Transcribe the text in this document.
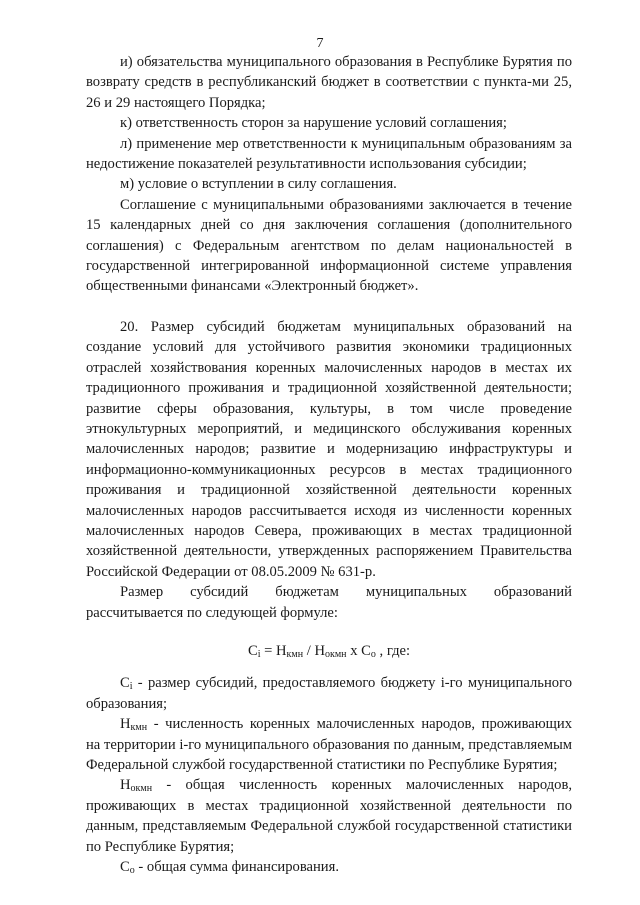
7
и) обязательства муниципального образования в Республике Бурятия по возврату средств в республиканский бюджет в соответствии с пункта-ми 25, 26 и 29 настоящего Порядка;
к) ответственность сторон за нарушение условий соглашения;
л) применение мер ответственности к муниципальным образованиям за недостижение показателей результативности использования субсидии;
м) условие о вступлении в силу соглашения.
Соглашение с муниципальными образованиями заключается в течение 15 календарных дней со дня заключения соглашения (дополнительного соглашения) с Федеральным агентством по делам национальностей в государственной интегрированной информационной системе управления общественными финансами «Электронный бюджет».
20. Размер субсидий бюджетам муниципальных образований на создание условий для устойчивого развития экономики традиционных отраслей хозяйствования коренных малочисленных народов в местах их традиционного проживания и традиционной хозяйственной деятельности; развитие сферы образования, культуры, в том числе проведение этнокультурных мероприятий, и медицинского обслуживания коренных малочисленных народов; развитие и модернизацию инфраструктуры и информационно-коммуникационных ресурсов в местах традиционного проживания и традиционной хозяйственной деятельности коренных малочисленных народов рассчитывается исходя из численности коренных малочисленных народов Севера, проживающих в местах традиционной хозяйственной деятельности, утвержденных распоряжением Правительства Российской Федерации от 08.05.2009 № 631-р.
Размер субсидий бюджетам муниципальных образований рассчитывается по следующей формуле:
$C_i = H_{кмн} / H_{окмн}$ x $C_o$ , где:
$C_i$ - размер субсидий, предоставляемого бюджету i-го муниципального образования;
$H_{кмн}$ - численность коренных малочисленных народов, проживающих на территории i-го муниципального образования по данным, представляемым Федеральной службой государственной статистики по Республике Бурятия;
$H_{окмн}$ - общая численность коренных малочисленных народов, проживающих в местах традиционной хозяйственной деятельности по данным, представляемым Федеральной службой государственной статистики по Республике Бурятия;
$C_o$ - общая сумма финансирования.
